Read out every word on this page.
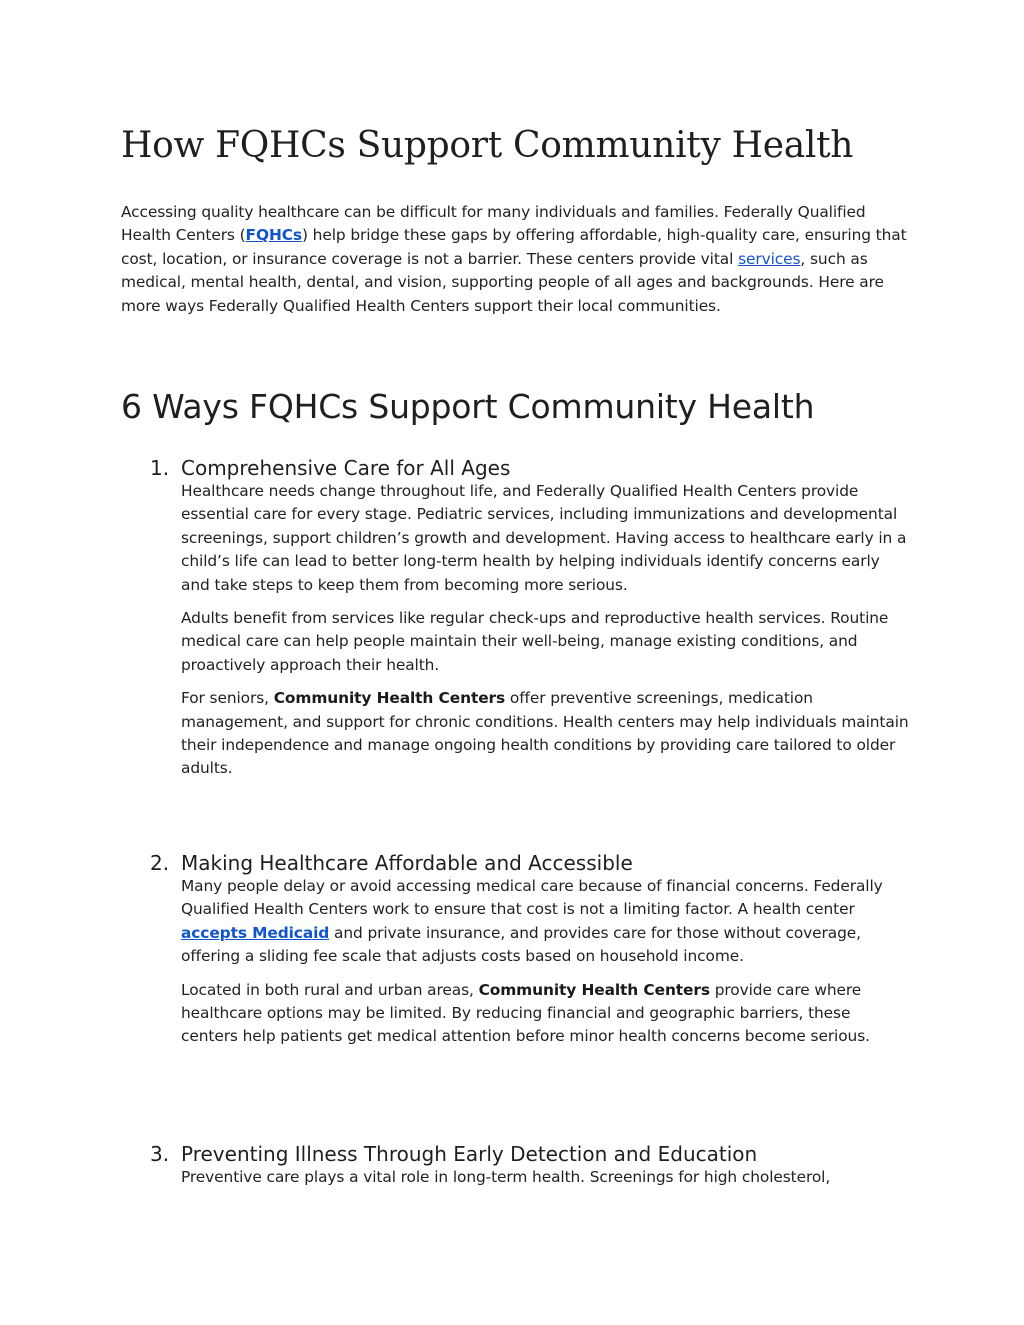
How FQHCs Support Community Health

Accessing quality healthcare can be difficult for many individuals and families. Federally Qualified Health Centers (FQHCs) help bridge these gaps by offering affordable, high-quality care, ensuring that cost, location, or insurance coverage is not a barrier. These centers provide vital services, such as medical, mental health, dental, and vision, supporting people of all ages and backgrounds. Here are more ways Federally Qualified Health Centers support their local communities.

6 Ways FQHCs Support Community Health
1. Comprehensive Care for All Ages

Healthcare needs change throughout life, and Federally Qualified Health Centers provide essential care for every stage. Pediatric services, including immunizations and developmental screenings, support children’s growth and development. Having access to healthcare early in a child’s life can lead to better long-term health by helping individuals identify concerns early and take steps to keep them from becoming more serious.

Adults benefit from services like regular check-ups and reproductive health services. Routine medical care can help people maintain their well-being, manage existing conditions, and proactively approach their health.

For seniors, Community Health Centers offer preventive screenings, medication management, and support for chronic conditions. Health centers may help individuals maintain their independence and manage ongoing health conditions by providing care tailored to older adults.

2. Making Healthcare Affordable and Accessible

Many people delay or avoid accessing medical care because of financial concerns. Federally Qualified Health Centers work to ensure that cost is not a limiting factor. A health center accepts Medicaid and private insurance, and provides care for those without coverage, offering a sliding fee scale that adjusts costs based on household income.

Located in both rural and urban areas, Community Health Centers provide care where healthcare options may be limited. By reducing financial and geographic barriers, these centers help patients get medical attention before minor health concerns become serious.

3. Preventing Illness Through Early Detection and Education

Preventive care plays a vital role in long-term health. Screenings for high cholesterol,
